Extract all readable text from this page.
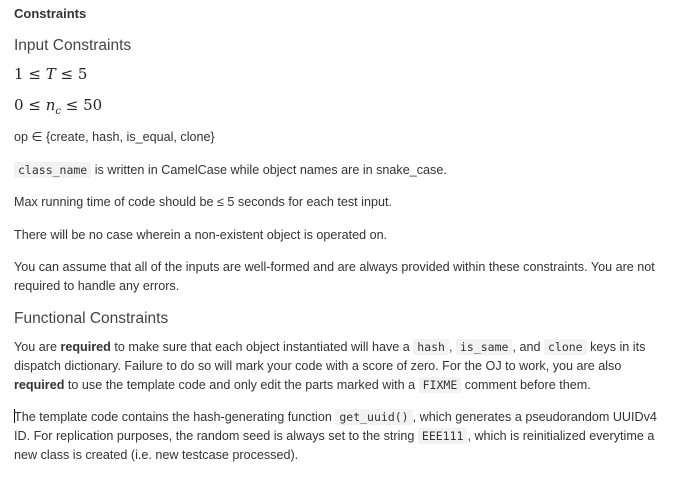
Constraints
Input Constraints
1 ≤ T ≤ 5
$0 \le n_c \le 50$
op ∈ {create, hash, is_equal, clone}
class_name is written in CamelCase while object names are in snake_case.
Max running time of code should be ≤ 5 seconds for each test input.
There will be no case wherein a non-existent object is operated on.
You can assume that all of the inputs are well-formed and are always provided within these constraints. You are not required to handle any errors.
Functional Constraints
You are required to make sure that each object instantiated will have a hash , is_same , and clone keys in its dispatch dictionary. Failure to do so will mark your code with a score of zero. For the OJ to work, you are also required to use the template code and only edit the parts marked with a FIXME comment before them.
The template code contains the hash-generating function get_uuid() , which generates a pseudorandom UUIDv4 ID. For replication purposes, the random seed is always set to the string EEE111 , which is reinitialized everytime a new class is created (i.e. new testcase processed).
